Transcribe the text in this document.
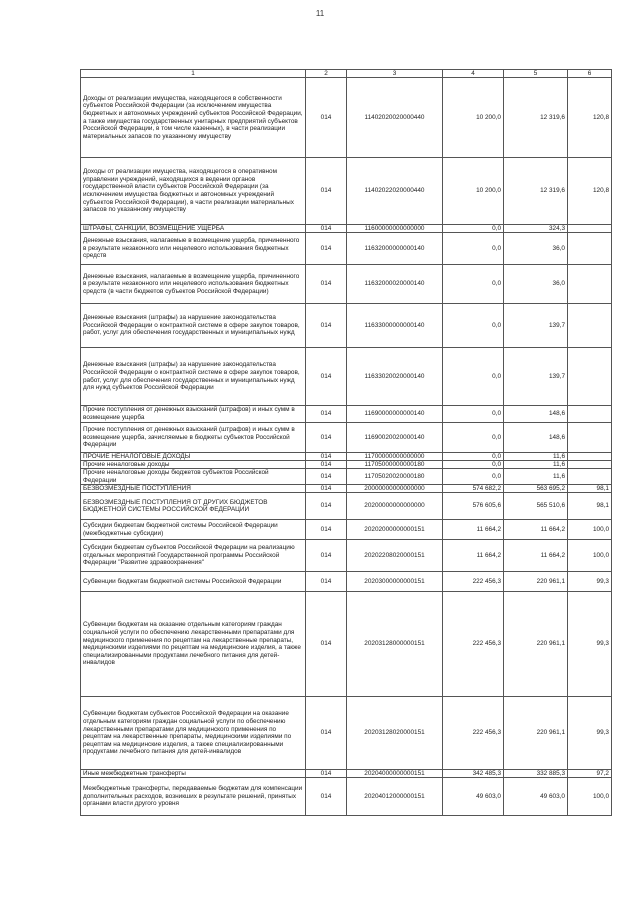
11
1	2	3	4	5	6
Доходы от реализации имущества, находящегося в собственности субъектов Российской Федерации (за исключением имущества бюджетных и автономных учреждений субъектов Российской Федерации, а также имущества государственных унитарных предприятий субъектов Российской Федерации, в том числе казенных), в части реализации материальных запасов по указанному имуществу	014	11402020020000440	10 200,0	12 319,6	120,8
Доходы от реализации имущества, находящегося в оперативном управлении учреждений, находящихся в ведении органов государственной власти субъектов Российской Федерации (за исключением имущества бюджетных и автономных учреждений субъектов Российской Федерации), в части реализации материальных запасов по указанному имуществу	014	11402022020000440	10 200,0	12 319,6	120,8
ШТРАФЫ, САНКЦИИ, ВОЗМЕЩЕНИЕ УЩЕРБА	014	11600000000000000	0,0	324,3	
Денежные взыскания, налагаемые в возмещение ущерба, причиненного в результате незаконного или нецелевого использования бюджетных средств	014	11632000000000140	0,0	36,0	
Денежные взыскания, налагаемые в возмещение ущерба, причиненного в результате незаконного или нецелевого использования бюджетных средств (в части бюджетов субъектов Российской Федерации)	014	11632000020000140	0,0	36,0	
Денежные взыскания (штрафы) за нарушение законодательства Российской Федерации о контрактной системе в сфере закупок товаров, работ, услуг для обеспечения государственных и муниципальных нужд	014	11633000000000140	0,0	139,7	
Денежные взыскания (штрафы) за нарушение законодательства Российской Федерации о контрактной системе в сфере закупок товаров, работ, услуг для обеспечения государственных и муниципальных нужд для нужд субъектов Российской Федерации	014	11633020020000140	0,0	139,7	
Прочие поступления от денежных взысканий (штрафов) и иных сумм в возмещение ущерба	014	11690000000000140	0,0	148,6	
Прочие поступления от денежных взысканий (штрафов) и иных сумм в возмещение ущерба, зачисляемые в бюджеты субъектов Российской Федерации	014	11690020020000140	0,0	148,6	
ПРОЧИЕ НЕНАЛОГОВЫЕ ДОХОДЫ	014	11700000000000000	0,0	11,6	
Прочие неналоговые доходы	014	11705000000000180	0,0	11,6	
Прочие неналоговые доходы бюджетов субъектов Российской Федерации	014	11705020020000180	0,0	11,6	
БЕЗВОЗМЕЗДНЫЕ ПОСТУПЛЕНИЯ	014	20000000000000000	574 682,2	563 695,2	98,1
БЕЗВОЗМЕЗДНЫЕ ПОСТУПЛЕНИЯ ОТ ДРУГИХ БЮДЖЕТОВ БЮДЖЕТНОЙ СИСТЕМЫ РОССИЙСКОЙ ФЕДЕРАЦИИ	014	20200000000000000	576 605,6	565 510,6	98,1
Субсидии бюджетам бюджетной системы Российской Федерации (межбюджетные субсидии)	014	20202000000000151	11 664,2	11 664,2	100,0
Субсидии бюджетам субъектов Российской Федерации на реализацию отдельных мероприятий Государственной программы Российской Федерации "Развитие здравоохранения"	014	20202208020000151	11 664,2	11 664,2	100,0
Субвенции бюджетам бюджетной системы Российской Федерации	014	20203000000000151	222 456,3	220 961,1	99,3
Субвенции бюджетам на оказание отдельным категориям граждан социальной услуги по обеспечению лекарственными препаратами для медицинского применения по рецептам на лекарственные препараты, медицинскими изделиями по рецептам на медицинские изделия, а также специализированными продуктами лечебного питания для детей-инвалидов	014	20203128000000151	222 456,3	220 961,1	99,3
Субвенции бюджетам субъектов Российской Федерации на оказание отдельным категориям граждан социальной услуги по обеспечению лекарственными препаратами для медицинского применения по рецептам на лекарственные препараты, медицинскими изделиями по рецептам на медицинские изделия, а также специализированными продуктами лечебного питания для детей-инвалидов	014	20203128020000151	222 456,3	220 961,1	99,3
Иные межбюджетные трансферты	014	20204000000000151	342 485,3	332 885,3	97,2
Межбюджетные трансферты, передаваемые бюджетам для компенсации дополнительных расходов, возникших в результате решений, принятых органами власти другого уровня	014	20204012000000151	49 603,0	49 603,0	100,0
